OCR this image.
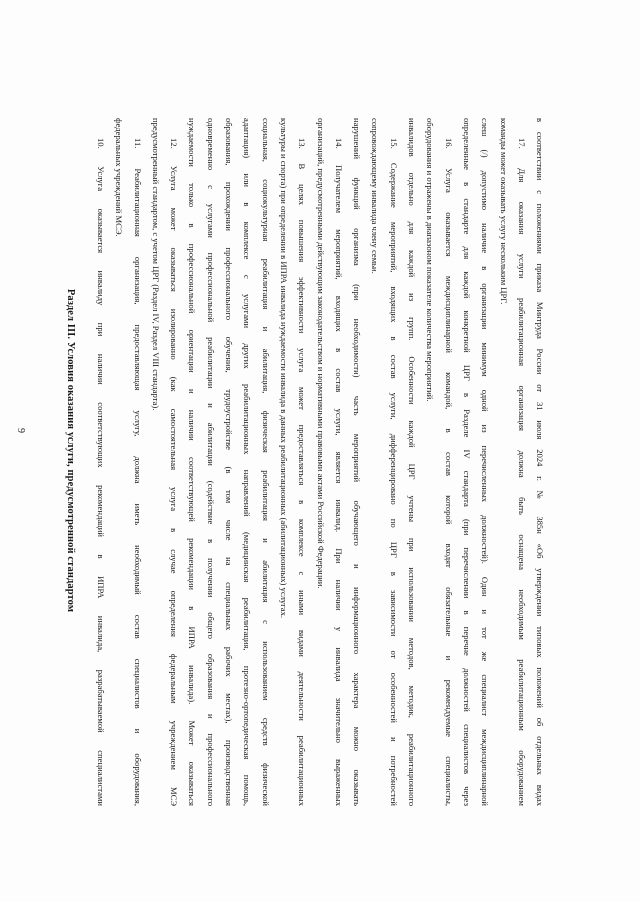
9	Раздел III. Условия оказания услуги, предусмотренной стандартом 10. Услуга оказывается инвалиду при наличии соответствующих рекомендаций в ИПРА инвалида, разрабатываемой специалистами федеральных учреждений МСЭ. 11. Реабилитационная организация, предоставляющая услугу, должна иметь необходимый состав специалистов и оборудования, предусмотренный стандартом, с учетом ЦРГ (Раздел IV, Раздел VIII стандарта). 12. Услуга может оказываться изолированно (как самостоятельная услуга в случае определения федеральным учреждением МСЭ нуждаемости только в профессиональной ориентации и наличии соответствующей рекомендации в ИПРА инвалида). Может оказываться одновременно с услугами профессиональной реабилитации и абилитации (содействие в получении общего образования и профессионального образования, прохождении профессионального обучения, трудоустройстве (в том числе на специальных рабочих местах), производственная адаптация) или в комплексе с услугами других реабилитационных направлений (медицинская реабилитация, протезно-ортопедическая помощь, социальная, социокультурная реабилитация и абилитация, физическая реабилитация и абилитация с использованием средств физической культуры и спорта) при определении в ИПРА инвалида нуждаемости инвалида в данных реабилитационных (абилитационных) услугах. 13. В целях повышения эффективности услуга может предоставляться в комплексе с иными видами деятельности реабилитационных организаций, предусмотренными действующим законодательством и нормативными правовыми актами Российской Федерации. 14. Получателем мероприятий, входящих в состав услуги, является инвалид. При наличии у инвалида значительно выраженных нарушений функций организма (при необходимости) часть мероприятий обучающего и информационного характера можно оказывать сопровождающему инвалида члену семьи. 15. Содержание мероприятий, входящих в состав услуги, дифференцировано по ЦРГ в зависимости от особенностей и потребностей инвалидов отдельно для каждой из групп. Особенности каждой ЦРГ учтены при использовании методов, методик, реабилитационного оборудования и отражены в диапазоном показателе количества мероприятий. 16. Услуга оказывается междисциплинарной командой, в состав которой входят обязательные и рекомендуемые специалисты, определенные в стандарте для каждой конкретной ЦРГ в Разделе IV стандарта (при перечислении в перечне должностей специалистов через слеш (/) допустимо наличие в организации минимум одной из перечисленных должностей). Один и тот же специалист междисциплинарной команды может оказывать услугу нескольким ЦРГ. 17. Для оказания услуги реабилитационная организация должна быть оснащена необходимым реабилитационным оборудованием в соответствии с положениями приказа Минтруда России от 31 июля 2024 г. № 385н «Об утверждении типовых положений об отдельных видах
